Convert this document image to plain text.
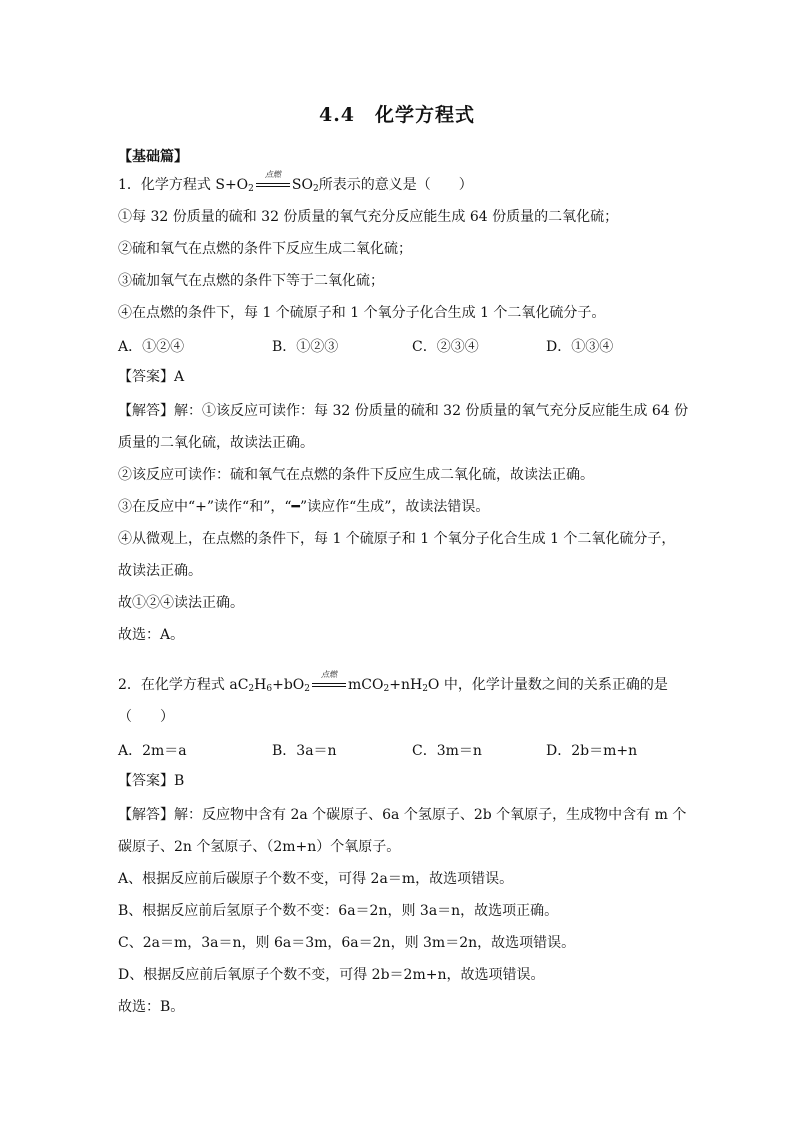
4.4　化学方程式
【基础篇】
1．化学方程式 $S+O_2$
点燃
$SO_2$所表示的意义是（　　）
①每 32 份质量的硫和 32 份质量的氧气充分反应能生成 64 份质量的二氧化硫；
②硫和氧气在点燃的条件下反应生成二氧化硫；
③硫加氧气在点燃的条件下等于二氧化硫；
④在点燃的条件下，每 1 个硫原子和 1 个氧分子化合生成 1 个二氧化硫分子。
A．①②④	B．①②③	C．②③④	D．①③④
【答案】A
【解答】解：①该反应可读作：每 32 份质量的硫和 32 份质量的氧气充分反应能生成 64 份
质量的二氧化硫，故读法正确。
②该反应可读作：硫和氧气在点燃的条件下反应生成二氧化硫，故读法正确。
③在反应中“+”读作“和”，“━”读应作“生成”，故读法错误。
④从微观上，在点燃的条件下，每 1 个硫原子和 1 个氧分子化合生成 1 个二氧化硫分子，
故读法正确。
故①②④读法正确。
故选：A。
2．在化学方程式 $aC_2H_6+bO_2$
点燃
$mCO_2+nH_2O$ 中，化学计量数之间的关系正确的是
（　　）
A．2m＝a	B．3a＝n	C．3m＝n	D．2b＝m+n
【答案】B
【解答】解：反应物中含有 2a 个碳原子、6a 个氢原子、2b 个氧原子，生成物中含有 m 个
碳原子、2n 个氢原子、（2m+n）个氧原子。
A、根据反应前后碳原子个数不变，可得 2a＝m，故选项错误。
B、根据反应前后氢原子个数不变：6a＝2n，则 3a＝n，故选项正确。
C、2a＝m，3a＝n，则 6a＝3m，6a＝2n，则 3m＝2n，故选项错误。
D、根据反应前后氧原子个数不变，可得 2b＝2m+n，故选项错误。
故选：B。
